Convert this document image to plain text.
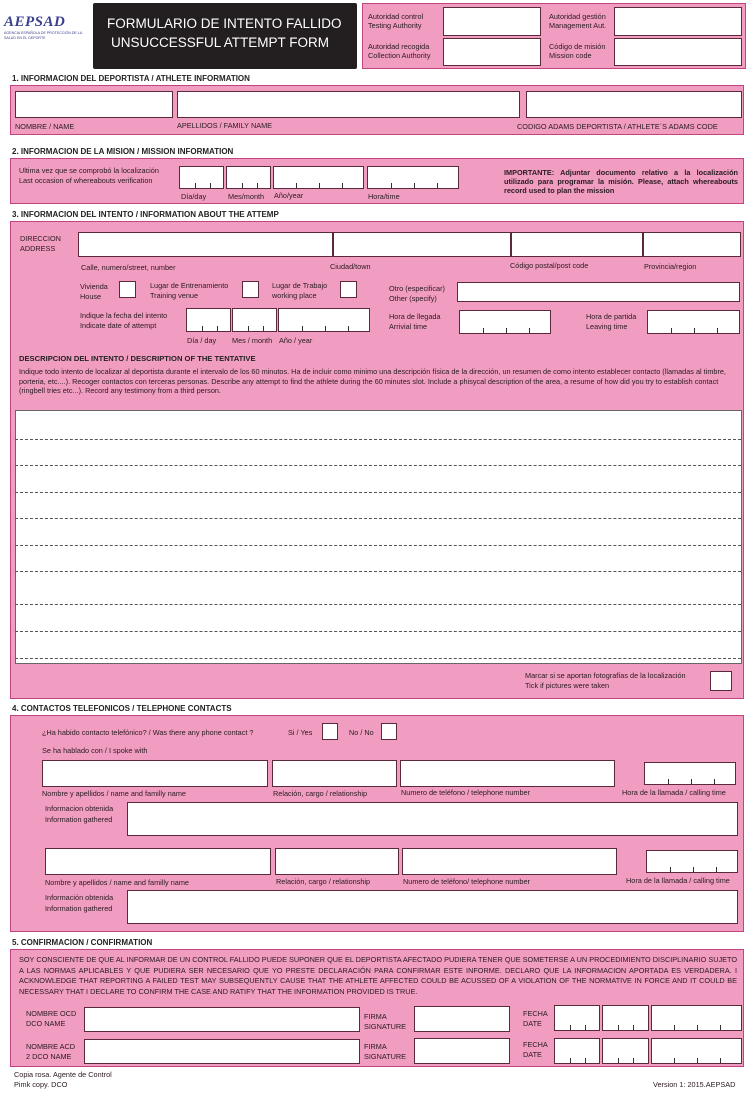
AEPSAD
AGENCIA ESPAÑOLA DE PROTECCIÓN DE LA SALUD EN EL DEPORTE
FORMULARIO DE INTENTO FALLIDO
UNSUCCESSFUL ATTEMPT FORM
Autoridad control
Testing Authority
Autoridad recogida
Collection Authority
Autoridad gestión
Management Aut.
Código de misión
Mission code
1. INFORMACION DEL DEPORTISTA / ATHLETE INFORMATION
NOMBRE / NAME	APELLIDOS / FAMILY NAME	CODIGO ADAMS DEPORTISTA / ATHLETE´S ADAMS CODE
2. INFORMACION DE LA MISION / MISSION INFORMATION
Ultima vez que se comprobó la localización
Last occasion of whereabouts verification
Día/day	Mes/month Año/year	Hora/time
IMPORTANTE: Adjuntar documento relativo a la localización utilizado para programar la misión. Please, attach whereabouts record used to plan the mission
3. INFORMACION DEL INTENTO / INFORMATION ABOUT THE ATTEMP
DIRECCION
ADDRESS
Calle, numero/street, number	Ciudad/town	Código postal/post code	Provincia/region
Vivienda
House
Lugar de Entrenamiento
Training venue
Lugar de Trabajo
working place
Otro (especificar)
Other (specify)
Indique la fecha del intento
Indicate date of attempt
Día / day Mes / month Año / year
Hora de llegada
Arrivial time
Hora de partida
Leaving time
DESCRIPCION DEL INTENTO / DESCRIPTION OF THE TENTATIVE
Indique todo intento de localizar al deportista durante el intervalo de los 60 minutos. Ha de incluir como minimo una descripción física de la dirección, un resumen de como intento establecer contacto (llamadas al timbre, porteria, etc....). Recoger contactos con terceras personas. Describe any attempt to find the athlete during the 60 minutes slot. Include a phisycal description of the area, a resume of how did you try to establish contact (ringbell tries etc...). Record any testimony from a third person.
Marcar si se aportan fotografías de la localización
Tick if pictures were taken
4. CONTACTOS TELEFONICOS / TELEPHONE CONTACTS
¿Ha habido contacto telefónico? / Was there any phone contact ?	Si / Yes	No / No
Se ha hablado con / I spoke with
Nombre y apellidos / name and familly name	Relación, cargo / relationship	Numero de teléfono / telephone number	Hora de la llamada / calling time
Informacion obtenida
Information gathered
Nombre y apellidos / name and familly name	Relación, cargo / relationship	Numero de teléfono/ telephone number	Hora de la llamada / calling time
Información obtenida
Information gathered
5. CONFIRMACION / CONFIRMATION
SOY CONSCIENTE DE QUE AL INFORMAR DE UN CONTROL FALLIDO PUEDE SUPONER QUE EL DEPORTISTA AFECTADO PUDIERA TENER QUE SOMETERSE A UN PROCEDIMIENTO DISCIPLINARIO SUJETO A LAS NORMAS APLICABLES Y QUE PUDIERA SER NECESARIO QUE YO PRESTE DECLARACIÓN PARA CONFIRMAR ESTE INFORME. DECLARO QUE LA INFORMACION APORTADA ES VERDADERA. I ACKNOWLEDGE THAT REPORTING A FAILED TEST MAY SUBSEQUENTLY CAUSE THAT THE ATHLETE AFFECTED COULD BE ACUSSED OF A VIOLATION OF THE NORMATIVE IN FORCE AND IT COULD BE NECESSARY THAT I DECLARE TO CONFIRM THE CASE AND RATIFY THAT THE INFORMATION PROVIDED IS TRUE.
NOMBRE OCD
DCO NAME
FIRMA
SIGNATURE
FECHA
DATE
NOMBRE ACD
2 DCO NAME
FIRMA
SIGNATURE
FECHA
DATE
Copia rosa. Agente de Control
Pimk copy. DCO	Version 1: 2015.AEPSAD
